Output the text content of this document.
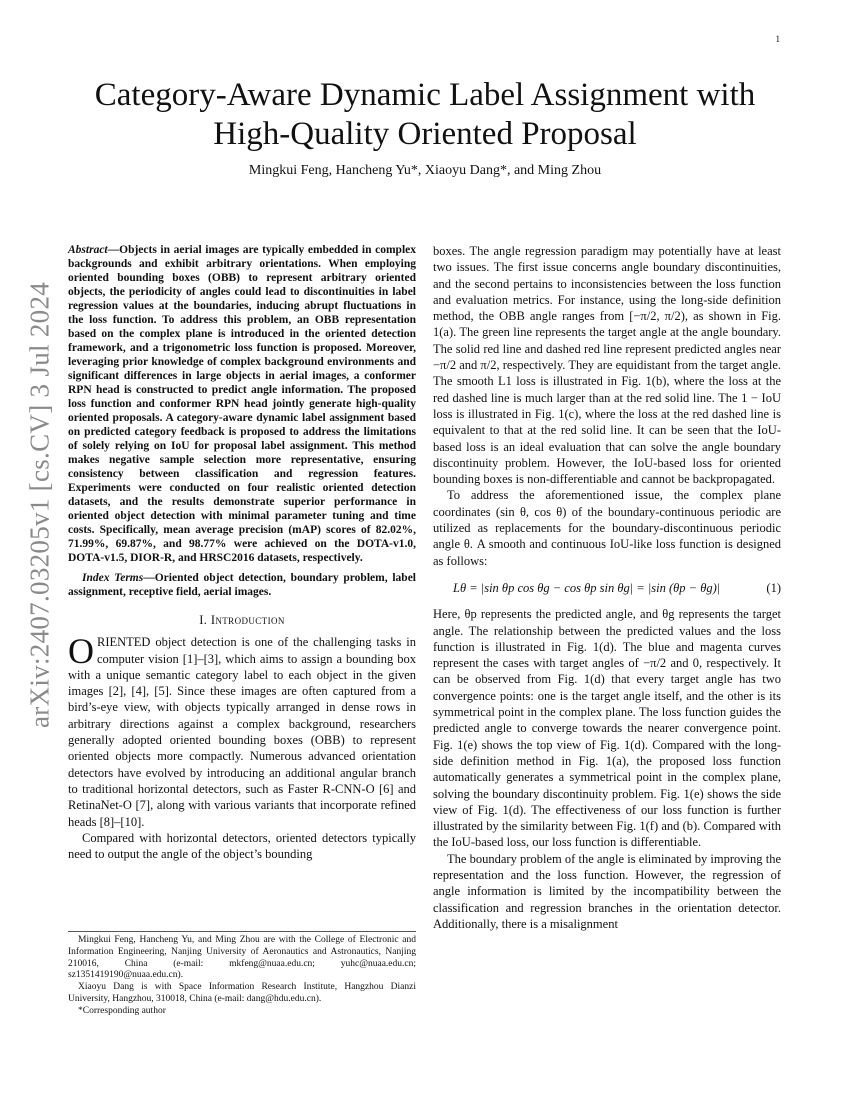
1
arXiv:2407.03205v1 [cs.CV] 3 Jul 2024
Category-Aware Dynamic Label Assignment with High-Quality Oriented Proposal
Mingkui Feng, Hancheng Yu*, Xiaoyu Dang*, and Ming Zhou

Abstract—Objects in aerial images are typically embedded in complex backgrounds and exhibit arbitrary orientations. When employing oriented bounding boxes (OBB) to represent arbitrary oriented objects, the periodicity of angles could lead to discontinuities in label regression values at the boundaries, inducing abrupt fluctuations in the loss function. To address this problem, an OBB representation based on the complex plane is introduced in the oriented detection framework, and a trigonometric loss function is proposed. Moreover, leveraging prior knowledge of complex background environments and significant differences in large objects in aerial images, a conformer RPN head is constructed to predict angle information. The proposed loss function and conformer RPN head jointly generate high-quality oriented proposals. A category-aware dynamic label assignment based on predicted category feedback is proposed to address the limitations of solely relying on IoU for proposal label assignment. This method makes negative sample selection more representative, ensuring consistency between classification and regression features. Experiments were conducted on four realistic oriented detection datasets, and the results demonstrate superior performance in oriented object detection with minimal parameter tuning and time costs. Specifically, mean average precision (mAP) scores of 82.02%, 71.99%, 69.87%, and 98.77% were achieved on the DOTA-v1.0, DOTA-v1.5, DIOR-R, and HRSC2016 datasets, respectively.

Index Terms—Oriented object detection, boundary problem, label assignment, receptive field, aerial images.

I. Introduction

ORIENTED object detection is one of the challenging tasks in computer vision [1]–[3], which aims to assign a bounding box with a unique semantic category label to each object in the given images [2], [4], [5]. Since these images are often captured from a bird’s-eye view, with objects typically arranged in dense rows in arbitrary directions against a complex background, researchers generally adopted oriented bounding boxes (OBB) to represent oriented objects more compactly. Numerous advanced orientation detectors have evolved by introducing an additional angular branch to traditional horizontal detectors, such as Faster R-CNN-O [6] and RetinaNet-O [7], along with various variants that incorporate refined heads [8]–[10].

Compared with horizontal detectors, oriented detectors typically need to output the angle of the object’s bounding

Mingkui Feng, Hancheng Yu, and Ming Zhou are with the College of Electronic and Information Engineering, Nanjing University of Aeronautics and Astronautics, Nanjing 210016, China (e-mail: mkfeng@nuaa.edu.cn; yuhc@nuaa.edu.cn; sz1351419190@nuaa.edu.cn).

Xiaoyu Dang is with Space Information Research Institute, Hangzhou Dianzi University, Hangzhou, 310018, China (e-mail: dang@hdu.edu.cn).

*Corresponding author

boxes. The angle regression paradigm may potentially have at least two issues. The first issue concerns angle boundary discontinuities, and the second pertains to inconsistencies between the loss function and evaluation metrics. For instance, using the long-side definition method, the OBB angle ranges from [−π/2, π/2), as shown in Fig. 1(a). The green line represents the target angle at the angle boundary. The solid red line and dashed red line represent predicted angles near −π/2 and π/2, respectively. They are equidistant from the target angle. The smooth L1 loss is illustrated in Fig. 1(b), where the loss at the red dashed line is much larger than at the red solid line. The 1 − IoU loss is illustrated in Fig. 1(c), where the loss at the red dashed line is equivalent to that at the red solid line. It can be seen that the IoU-based loss is an ideal evaluation that can solve the angle boundary discontinuity problem. However, the IoU-based loss for oriented bounding boxes is non-differentiable and cannot be backpropagated.

To address the aforementioned issue, the complex plane coordinates (sin θ, cos θ) of the boundary-continuous periodic are utilized as replacements for the boundary-discontinuous periodic angle θ. A smooth and continuous IoU-like loss function is designed as follows:

Lθ = |sin θp cos θg − cos θp sin θg| = |sin (θp − θg)|	(1)

Here, θp represents the predicted angle, and θg represents the target angle. The relationship between the predicted values and the loss function is illustrated in Fig. 1(d). The blue and magenta curves represent the cases with target angles of −π/2 and 0, respectively. It can be observed from Fig. 1(d) that every target angle has two convergence points: one is the target angle itself, and the other is its symmetrical point in the complex plane. The loss function guides the predicted angle to converge towards the nearer convergence point. Fig. 1(e) shows the top view of Fig. 1(d). Compared with the long-side definition method in Fig. 1(a), the proposed loss function automatically generates a symmetrical point in the complex plane, solving the boundary discontinuity problem. Fig. 1(e) shows the side view of Fig. 1(d). The effectiveness of our loss function is further illustrated by the similarity between Fig. 1(f) and (b). Compared with the IoU-based loss, our loss function is differentiable.

The boundary problem of the angle is eliminated by improving the representation and the loss function. However, the regression of angle information is limited by the incompatibility between the classification and regression branches in the orientation detector. Additionally, there is a misalignment
